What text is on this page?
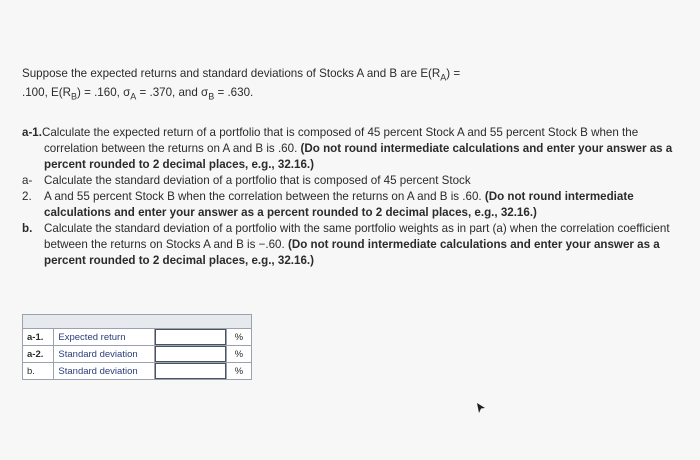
Suppose the expected returns and standard deviations of Stocks A and B are $E(R_A)$ =
.100, $E(R_B) = .160$, $\sigma_A = .370$, and $\sigma_B = .630$.

a-1.Calculate the expected return of a portfolio that is composed of 45 percent Stock A and 55 percent Stock B when the correlation between the returns on A and B is .60. (Do not round intermediate calculations and enter your answer as a percent rounded to 2 decimal places, e.g., 32.16.)

a- Calculate the standard deviation of a portfolio that is composed of 45 percent Stock

2. A and 55 percent Stock B when the correlation between the returns on A and B is .60. (Do not round intermediate calculations and enter your answer as a percent rounded to 2 decimal places, e.g., 32.16.)

b. Calculate the standard deviation of a portfolio with the same portfolio weights as in part (a) when the correlation coefficient between the returns on Stocks A and B is −.60. (Do not round intermediate calculations and enter your answer as a percent rounded to 2 decimal places, e.g., 32.16.)

a-1.	Expected return		%
a-2.	Standard deviation		%
b.	Standard deviation		%
